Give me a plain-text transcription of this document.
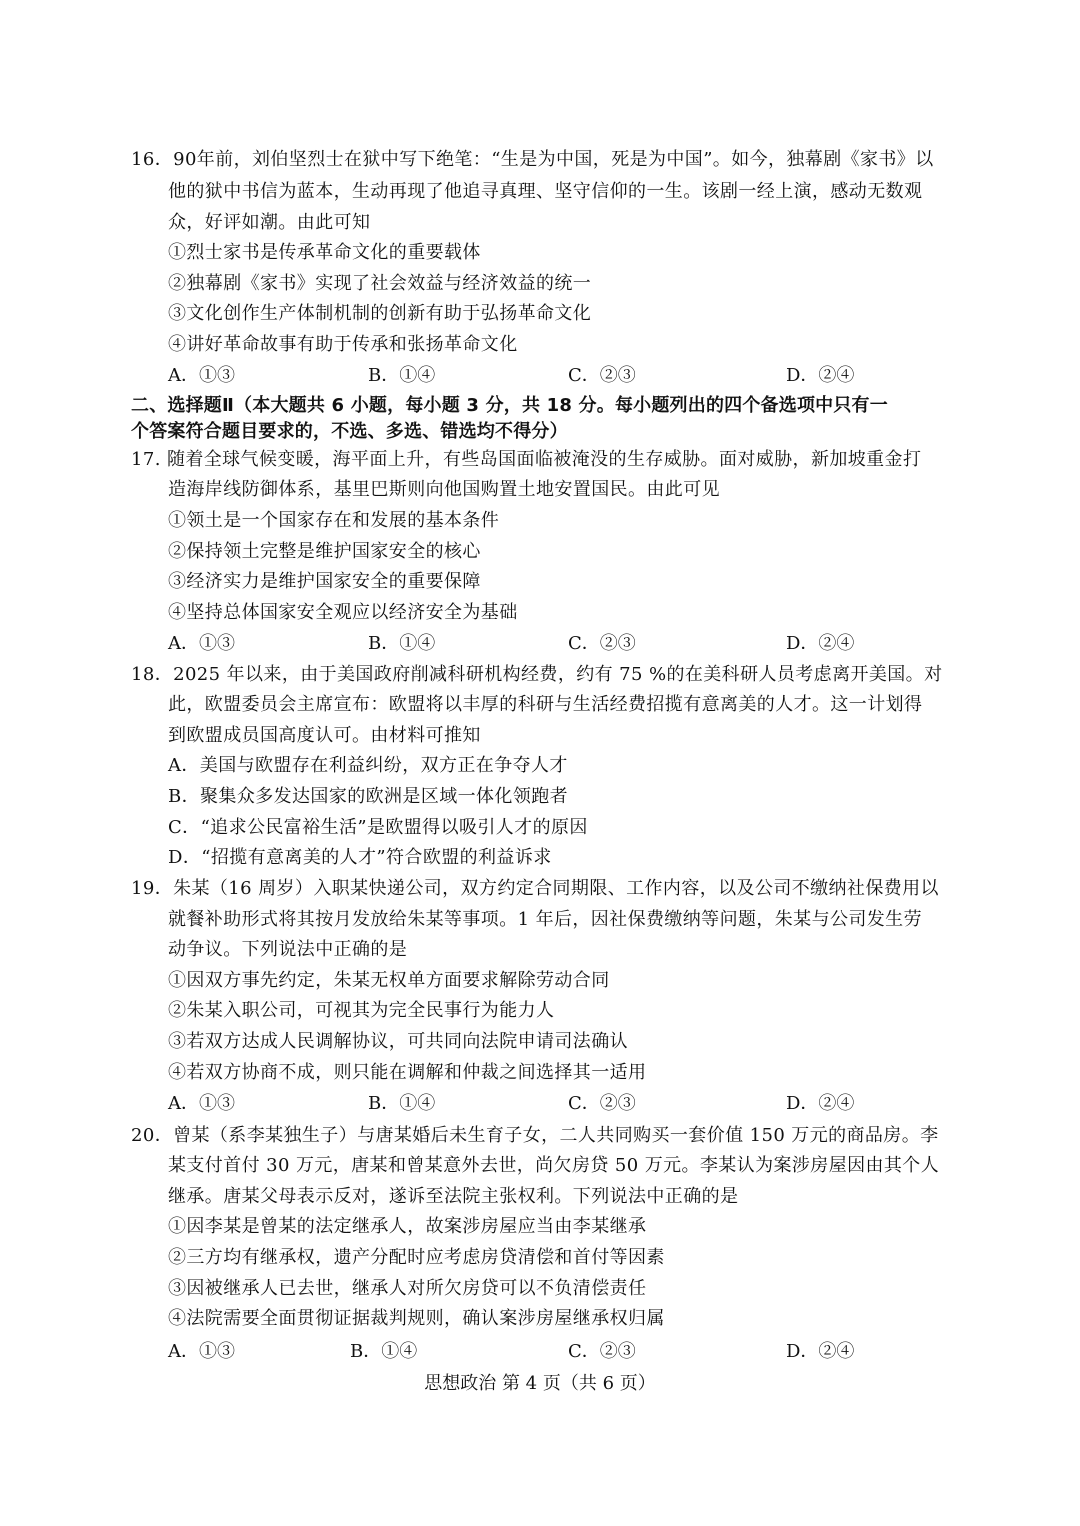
16．90年前，刘伯坚烈士在狱中写下绝笔：“生是为中国，死是为中国”。如今，独幕剧《家书》以
他的狱中书信为蓝本，生动再现了他追寻真理、坚守信仰的一生。该剧一经上演，感动无数观
众，好评如潮。由此可知
①烈士家书是传承革命文化的重要载体
②独幕剧《家书》实现了社会效益与经济效益的统一
③文化创作生产体制机制的创新有助于弘扬革命文化
④讲好革命故事有助于传承和张扬革命文化
A．①③	B．①④	C．②③	D．②④
二、选择题Ⅱ（本大题共 6 小题，每小题 3 分，共 18 分。每小题列出的四个备选项中只有一
个答案符合题目要求的，不选、多选、错选均不得分）
17. 随着全球气候变暖，海平面上升，有些岛国面临被淹没的生存威胁。面对威胁，新加坡重金打
造海岸线防御体系，基里巴斯则向他国购置土地安置国民。由此可见
①领土是一个国家存在和发展的基本条件
②保持领土完整是维护国家安全的核心
③经济实力是维护国家安全的重要保障
④坚持总体国家安全观应以经济安全为基础
A．①③	B．①④	C．②③	D．②④
18．2025 年以来，由于美国政府削减科研机构经费，约有 75 %的在美科研人员考虑离开美国。对
此，欧盟委员会主席宣布：欧盟将以丰厚的科研与生活经费招揽有意离美的人才。这一计划得
到欧盟成员国高度认可。由材料可推知
A．美国与欧盟存在利益纠纷，双方正在争夺人才
B．聚集众多发达国家的欧洲是区域一体化领跑者
C．“追求公民富裕生活”是欧盟得以吸引人才的原因
D．“招揽有意离美的人才”符合欧盟的利益诉求
19．朱某（16 周岁）入职某快递公司，双方约定合同期限、工作内容，以及公司不缴纳社保费用以
就餐补助形式将其按月发放给朱某等事项。1 年后，因社保费缴纳等问题，朱某与公司发生劳
动争议。下列说法中正确的是
①因双方事先约定，朱某无权单方面要求解除劳动合同
②朱某入职公司，可视其为完全民事行为能力人
③若双方达成人民调解协议，可共同向法院申请司法确认
④若双方协商不成，则只能在调解和仲裁之间选择其一适用
A．①③	B．①④	C．②③	D．②④
20．曾某（系李某独生子）与唐某婚后未生育子女，二人共同购买一套价值 150 万元的商品房。李
某支付首付 30 万元，唐某和曾某意外去世，尚欠房贷 50 万元。李某认为案涉房屋因由其个人
继承。唐某父母表示反对，遂诉至法院主张权利。下列说法中正确的是
①因李某是曾某的法定继承人，故案涉房屋应当由李某继承
②三方均有继承权，遗产分配时应考虑房贷清偿和首付等因素
③因被继承人已去世，继承人对所欠房贷可以不负清偿责任
④法院需要全面贯彻证据裁判规则，确认案涉房屋继承权归属
A．①③	B．①④	C．②③	D．②④
思想政治 第 4 页（共 6 页）
